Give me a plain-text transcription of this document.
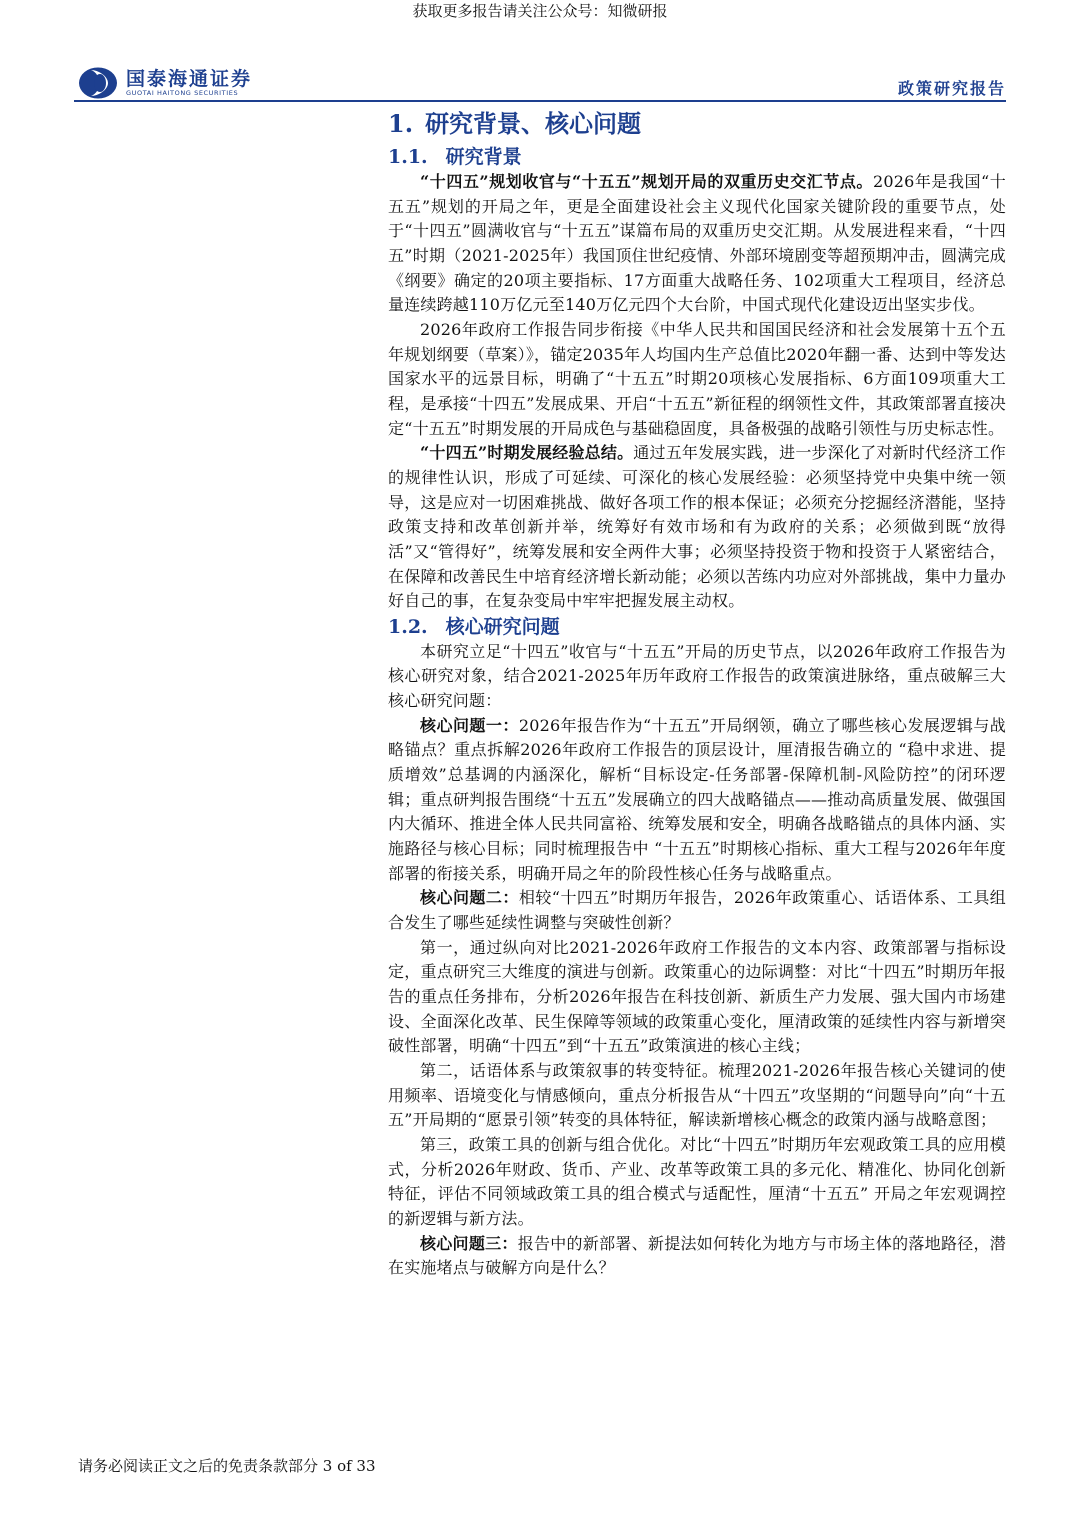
获取更多报告请关注公众号：知微研报
国泰海通证券
GUOTAI HAITONG SECURITIES	政策研究报告
1. 研究背景、核心问题
1.1. 研究背景

“十四五”规划收官与“十五五”规划开局的双重历史交汇节点。2026年是我国“十五五”规划的开局之年，更是全面建设社会主义现代化国家关键阶段的重要节点，处于“十四五”圆满收官与“十五五”谋篇布局的双重历史交汇期。从发展进程来看，“十四五”时期（2021-2025年）我国顶住世纪疫情、外部环境剧变等超预期冲击，圆满完成《纲要》确定的20项主要指标、17方面重大战略任务、102项重大工程项目，经济总量连续跨越110万亿元至140万亿元四个大台阶，中国式现代化建设迈出坚实步伐。

2026年政府工作报告同步衔接《中华人民共和国国民经济和社会发展第十五个五年规划纲要（草案）》，锚定2035年人均国内生产总值比2020年翻一番、达到中等发达国家水平的远景目标，明确了“十五五”时期20项核心发展指标、6方面109项重大工程，是承接“十四五”发展成果、开启“十五五”新征程的纲领性文件，其政策部署直接决定“十五五”时期发展的开局成色与基础稳固度，具备极强的战略引领性与历史标志性。

“十四五”时期发展经验总结。通过五年发展实践，进一步深化了对新时代经济工作的规律性认识，形成了可延续、可深化的核心发展经验：必须坚持党中央集中统一领导，这是应对一切困难挑战、做好各项工作的根本保证；必须充分挖掘经济潜能，坚持政策支持和改革创新并举，统筹好有效市场和有为政府的关系；必须做到既“放得活”又“管得好”，统筹发展和安全两件大事；必须坚持投资于物和投资于人紧密结合，在保障和改善民生中培育经济增长新动能；必须以苦练内功应对外部挑战，集中力量办好自己的事，在复杂变局中牢牢把握发展主动权。

1.2. 核心研究问题

本研究立足“十四五”收官与“十五五”开局的历史节点，以2026年政府工作报告为核心研究对象，结合2021-2025年历年政府工作报告的政策演进脉络，重点破解三大核心研究问题：

核心问题一：2026年报告作为“十五五”开局纲领，确立了哪些核心发展逻辑与战略锚点？重点拆解2026年政府工作报告的顶层设计，厘清报告确立的 “稳中求进、提质增效”总基调的内涵深化，解析“目标设定-任务部署-保障机制-风险防控”的闭环逻辑；重点研判报告围绕“十五五”发展确立的四大战略锚点——推动高质量发展、做强国内大循环、推进全体人民共同富裕、统筹发展和安全，明确各战略锚点的具体内涵、实施路径与核心目标；同时梳理报告中 “十五五”时期核心指标、重大工程与2026年年度部署的衔接关系，明确开局之年的阶段性核心任务与战略重点。

核心问题二：相较“十四五”时期历年报告，2026年政策重心、话语体系、工具组合发生了哪些延续性调整与突破性创新？

第一，通过纵向对比2021-2026年政府工作报告的文本内容、政策部署与指标设定，重点研究三大维度的演进与创新。政策重心的边际调整：对比“十四五”时期历年报告的重点任务排布，分析2026年报告在科技创新、新质生产力发展、强大国内市场建设、全面深化改革、民生保障等领域的政策重心变化，厘清政策的延续性内容与新增突破性部署，明确“十四五”到“十五五”政策演进的核心主线；

第二，话语体系与政策叙事的转变特征。梳理2021-2026年报告核心关键词的使用频率、语境变化与情感倾向，重点分析报告从“十四五”攻坚期的“问题导向”向“十五五”开局期的“愿景引领”转变的具体特征，解读新增核心概念的政策内涵与战略意图；

第三，政策工具的创新与组合优化。对比“十四五”时期历年宏观政策工具的应用模式，分析2026年财政、货币、产业、改革等政策工具的多元化、精准化、协同化创新特征，评估不同领域政策工具的组合模式与适配性，厘清“十五五” 开局之年宏观调控的新逻辑与新方法。

核心问题三：报告中的新部署、新提法如何转化为地方与市场主体的落地路径，潜在实施堵点与破解方向是什么？

请务必阅读正文之后的免责条款部分 3 of 33
